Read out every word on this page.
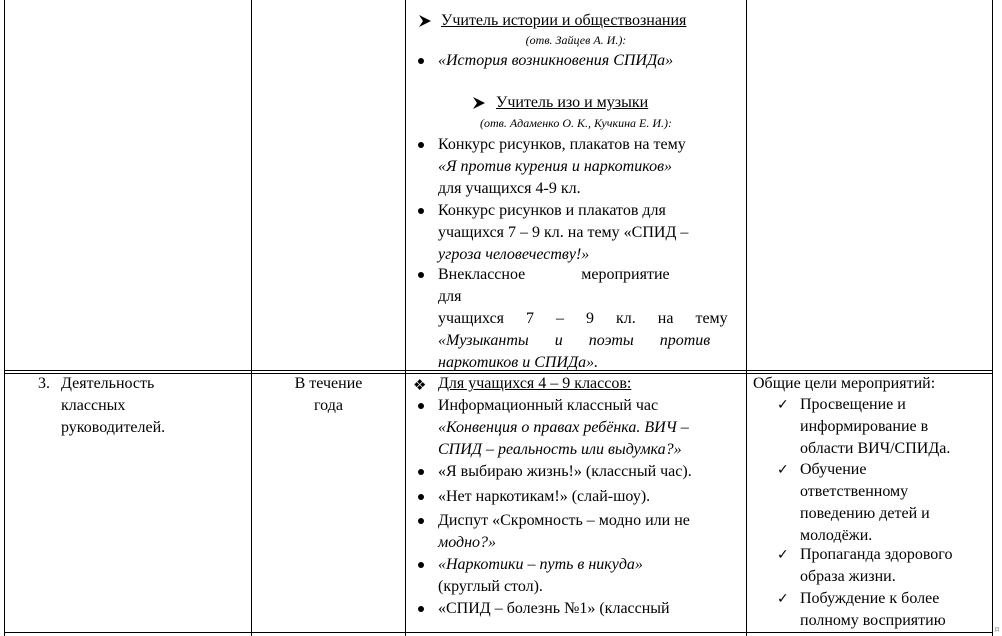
Учитель истории и обществознания
(отв. Зайцев А. И.):
«История возникновения СПИДа»
Учитель изо и музыки
(отв. Адаменко О. К., Кучкина Е. И.):
Конкурс рисунков, плакатов на тему
«Я против курения и наркотиков»
для учащихся 4-9 кл.
Конкурс рисунков и плакатов для
учащихся 7 – 9 кл. на тему «СПИД –
угроза человечеству!»
Внеклассное мероприятие для
учащихся 7 – 9 кл. на тему
«Музыканты и поэты против
наркотиков и СПИДа».
3. Деятельность
классных
руководителей.
В течение
года
❖ Для учащихся 4 – 9 классов:
Информационный классный час
«Конвенция о правах ребёнка. ВИЧ –
СПИД – реальность или выдумка?»
«Я выбираю жизнь!» (классный час).
«Нет наркотикам!» (слай-шоу).
Диспут «Скромность – модно или не
модно?»
«Наркотики – путь в никуда»
(круглый стол).
«СПИД – болезнь №1» (классный
Общие цели мероприятий:
✓ Просвещение и
информирование в
области ВИЧ/СПИДа.
✓ Обучение
ответственному
поведению детей и
молодёжи.
✓ Пропаганда здорового
образа жизни.
✓ Побуждение к более
полному восприятию
¤
